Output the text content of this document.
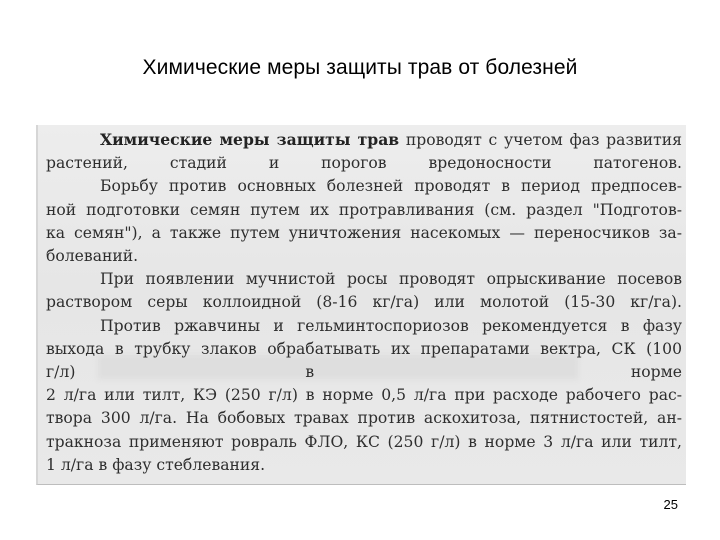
Химические меры защиты трав от болезней
Химические меры защиты трав проводят с учетом фаз развития
растений, стадий и порогов вредоносности патогенов.
Борьбу против основных болезней проводят в период предпосев-
ной подготовки семян путем их протравливания (см. раздел "Подготов-
ка семян"), а также путем уничтожения насекомых — переносчиков за-
болеваний.
При появлении мучнистой росы проводят опрыскивание посевов
раствором серы коллоидной (8-16 кг/га) или молотой (15-30 кг/га).
Против ржавчины и гельминтоспориозов рекомендуется в фазу
выхода в трубку злаков обрабатывать их препаратами вектра, СК (100
г/л)	в	норме
2 л/га или тилт, КЭ (250 г/л) в норме 0,5 л/га при расходе рабочего рас-
твора 300 л/га. На бобовых травах против аскохитоза, пятнистостей, ан-
тракноза применяют ровраль ФЛО, КС (250 г/л) в норме 3 л/га или тилт,
1 л/га в фазу стеблевания.
25
